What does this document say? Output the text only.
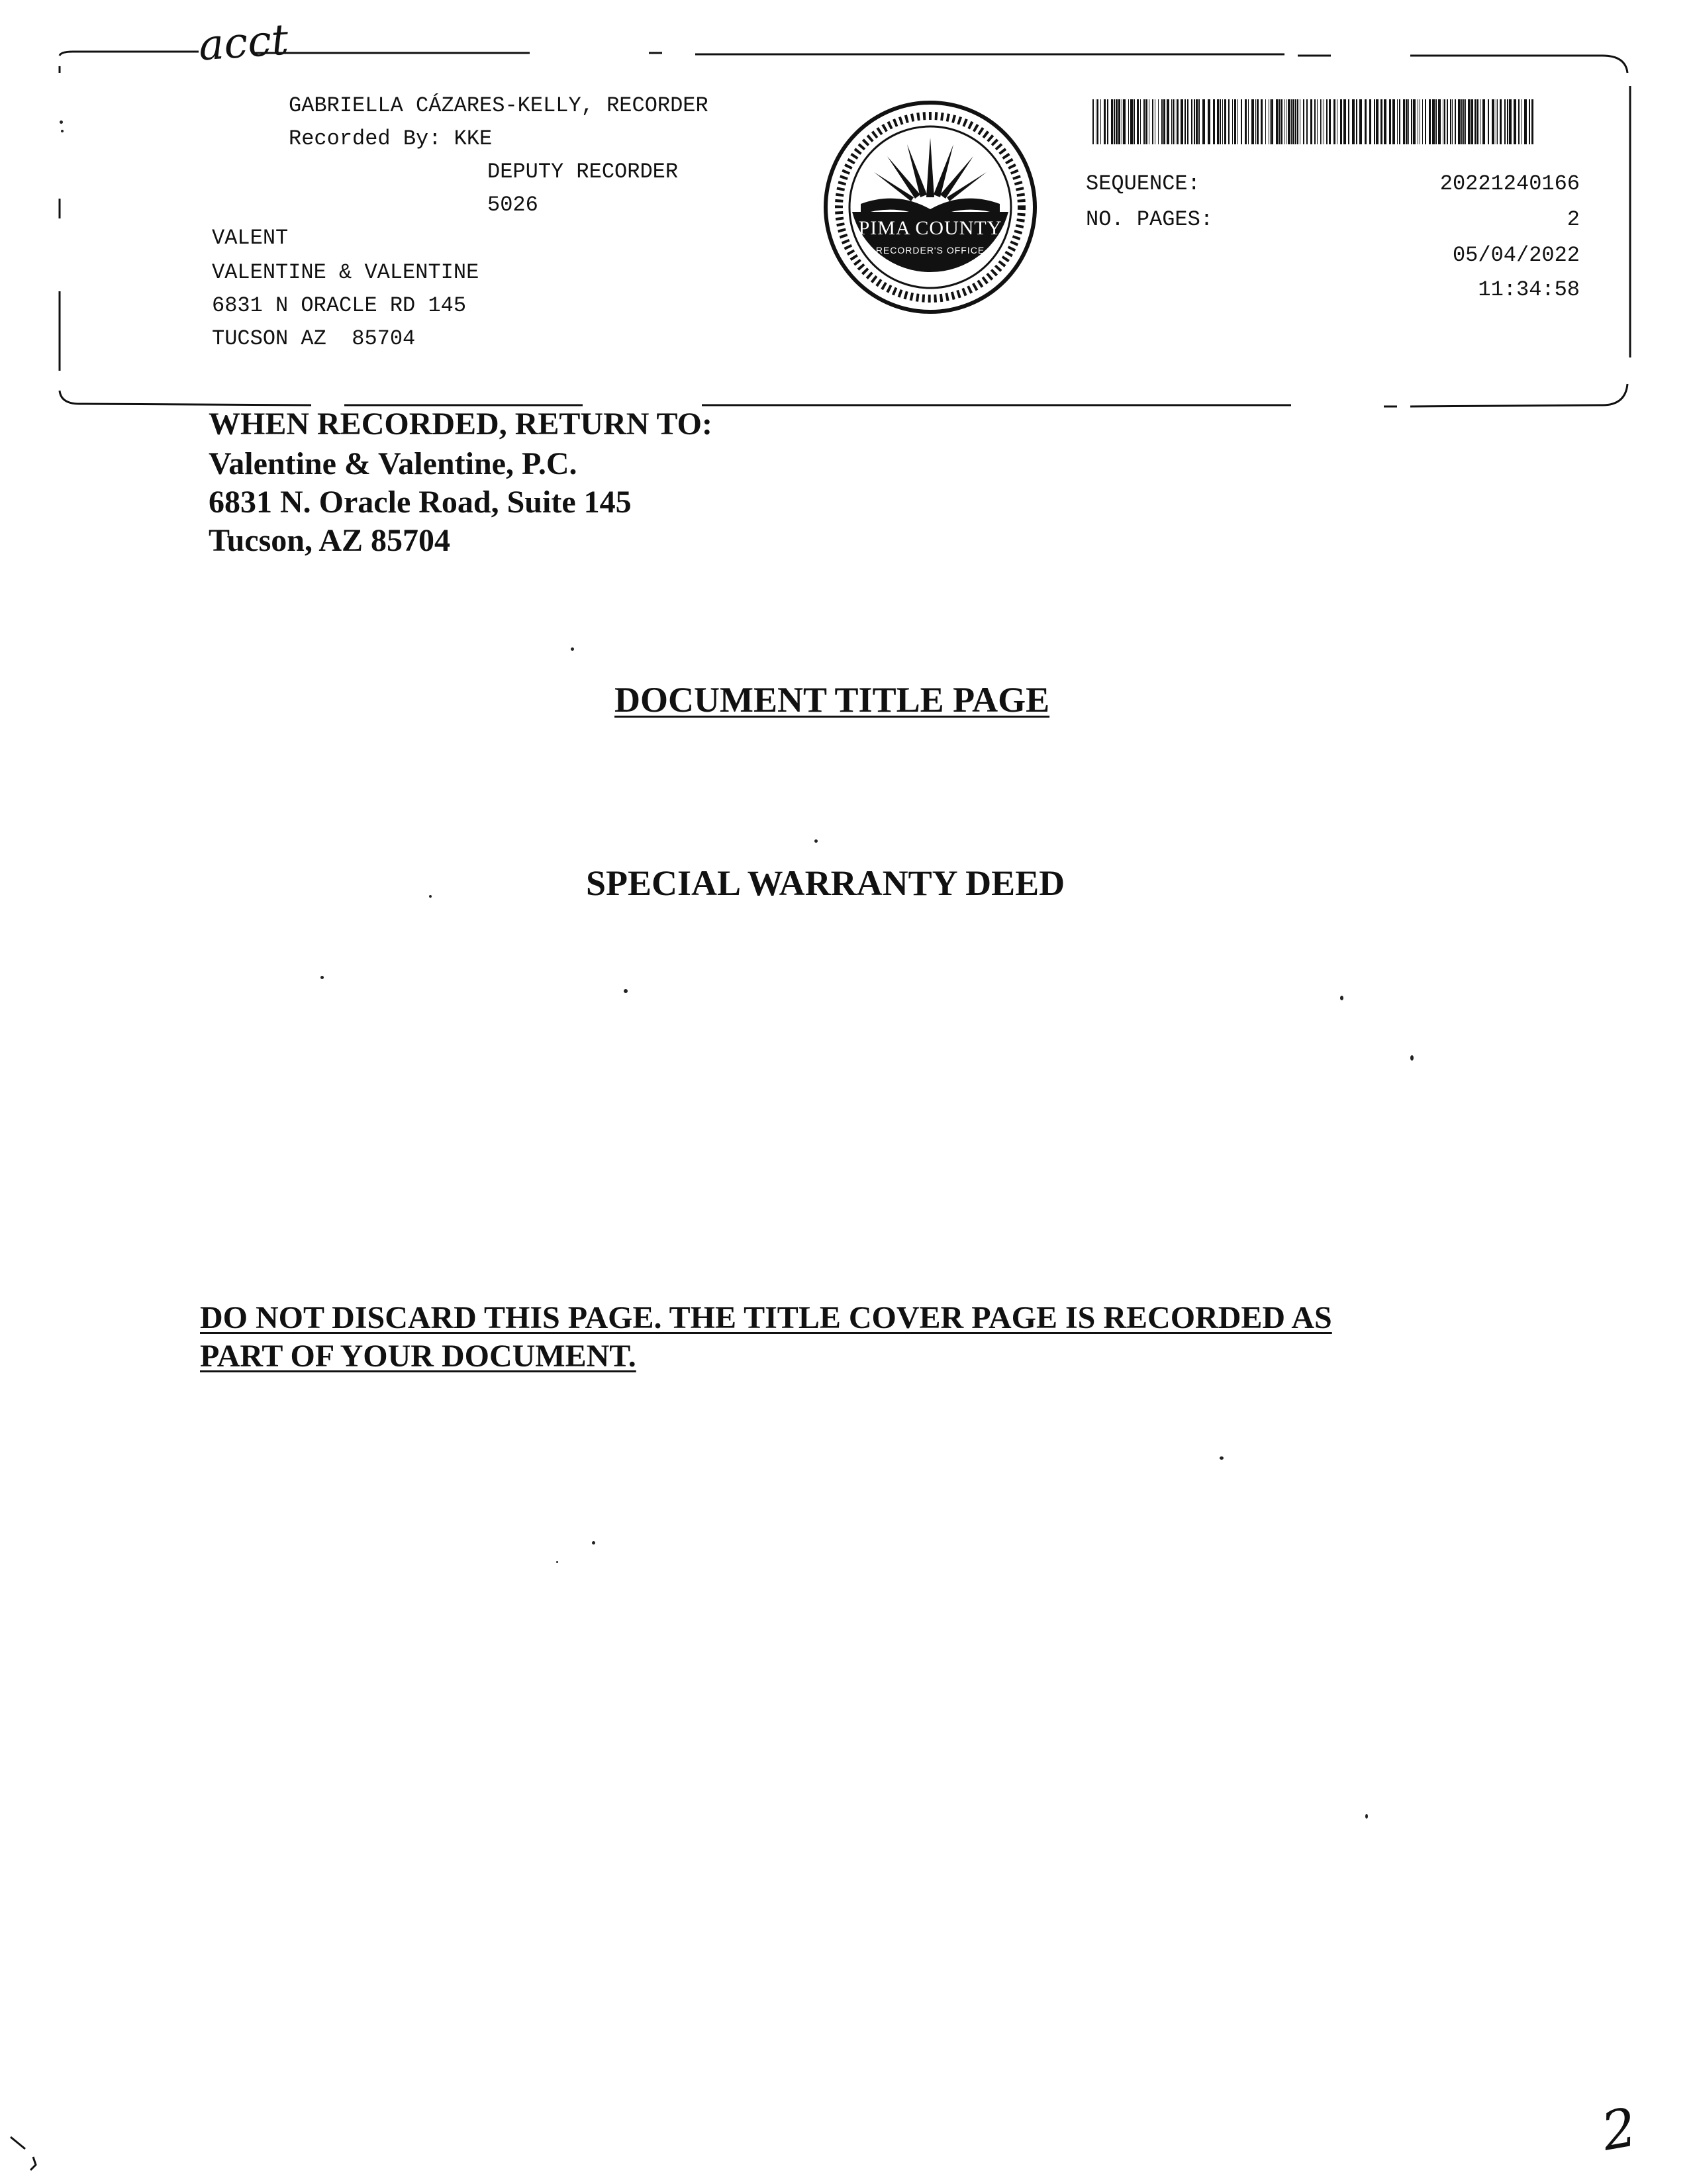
acct
GABRIELLA CÁZARES-KELLY, RECORDER
Recorded By: KKE
DEPUTY RECORDER
5026
VALENT
VALENTINE & VALENTINE
6831 N ORACLE RD 145
TUCSON AZ  85704
PIMA COUNTY
RECORDER'S OFFICE
SEQUENCE:	20221240166
NO. PAGES:	2
05/04/2022
11:34:58
WHEN RECORDED, RETURN TO:
Valentine & Valentine, P.C.
6831 N. Oracle Road, Suite 145
Tucson, AZ 85704
DOCUMENT TITLE PAGE
SPECIAL WARRANTY DEED
DO NOT DISCARD THIS PAGE. THE TITLE COVER PAGE IS RECORDED AS
PART OF YOUR DOCUMENT.
2
